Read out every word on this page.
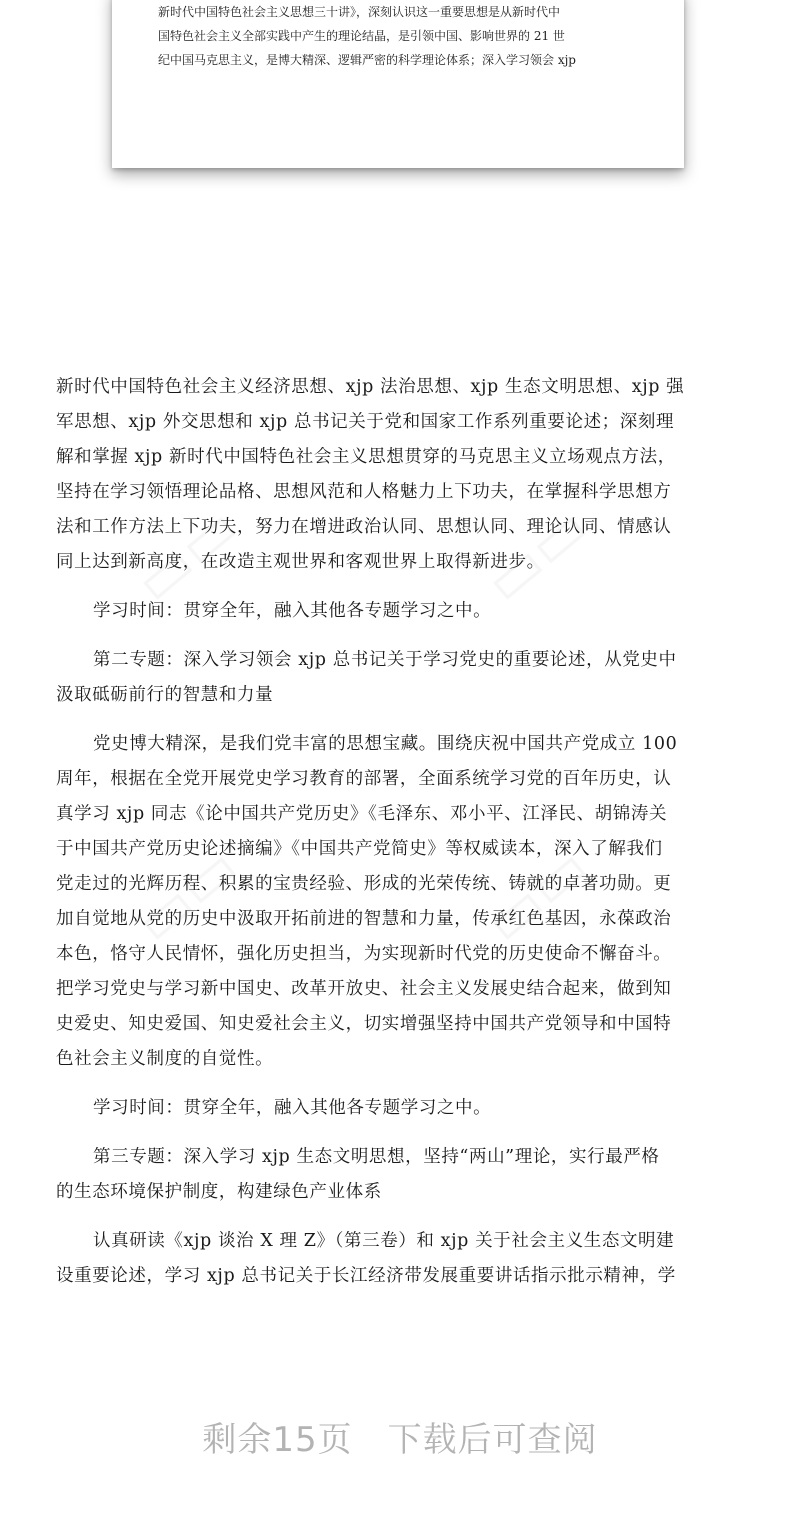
新时代中国特色社会主义思想三十讲》，深刻认识这一重要思想是从新时代中
国特色社会主义全部实践中产生的理论结晶，是引领中国、影响世界的 21 世
纪中国马克思主义，是博大精深、逻辑严密的科学理论体系；深入学习领会 xjp
新时代中国特色社会主义经济思想、xjp 法治思想、xjp 生态文明思想、xjp 强
军思想、xjp 外交思想和 xjp 总书记关于党和国家工作系列重要论述；深刻理
解和掌握 xjp 新时代中国特色社会主义思想贯穿的马克思主义立场观点方法，
坚持在学习领悟理论品格、思想风范和人格魅力上下功夫，在掌握科学思想方
法和工作方法上下功夫，努力在增进政治认同、思想认同、理论认同、情感认
同上达到新高度，在改造主观世界和客观世界上取得新进步。
学习时间：贯穿全年，融入其他各专题学习之中。
第二专题：深入学习领会 xjp 总书记关于学习党史的重要论述，从党史中
汲取砥砺前行的智慧和力量
党史博大精深，是我们党丰富的思想宝藏。围绕庆祝中国共产党成立 100
周年，根据在全党开展党史学习教育的部署，全面系统学习党的百年历史，认
真学习 xjp 同志《论中国共产党历史》《毛泽东、邓小平、江泽民、胡锦涛关
于中国共产党历史论述摘编》《中国共产党简史》等权威读本，深入了解我们
党走过的光辉历程、积累的宝贵经验、形成的光荣传统、铸就的卓著功勋。更
加自觉地从党的历史中汲取开拓前进的智慧和力量，传承红色基因，永葆政治
本色，恪守人民情怀，强化历史担当，为实现新时代党的历史使命不懈奋斗。
把学习党史与学习新中国史、改革开放史、社会主义发展史结合起来，做到知
史爱史、知史爱国、知史爱社会主义，切实增强坚持中国共产党领导和中国特
色社会主义制度的自觉性。
学习时间：贯穿全年，融入其他各专题学习之中。
第三专题：深入学习 xjp 生态文明思想，坚持“两山”理论，实行最严格
的生态环境保护制度，构建绿色产业体系
认真研读《xjp 谈治 X 理 Z》（第三卷）和 xjp 关于社会主义生态文明建
设重要论述，学习 xjp 总书记关于长江经济带发展重要讲话指示批示精神，学
剩余15页　下载后可查阅
